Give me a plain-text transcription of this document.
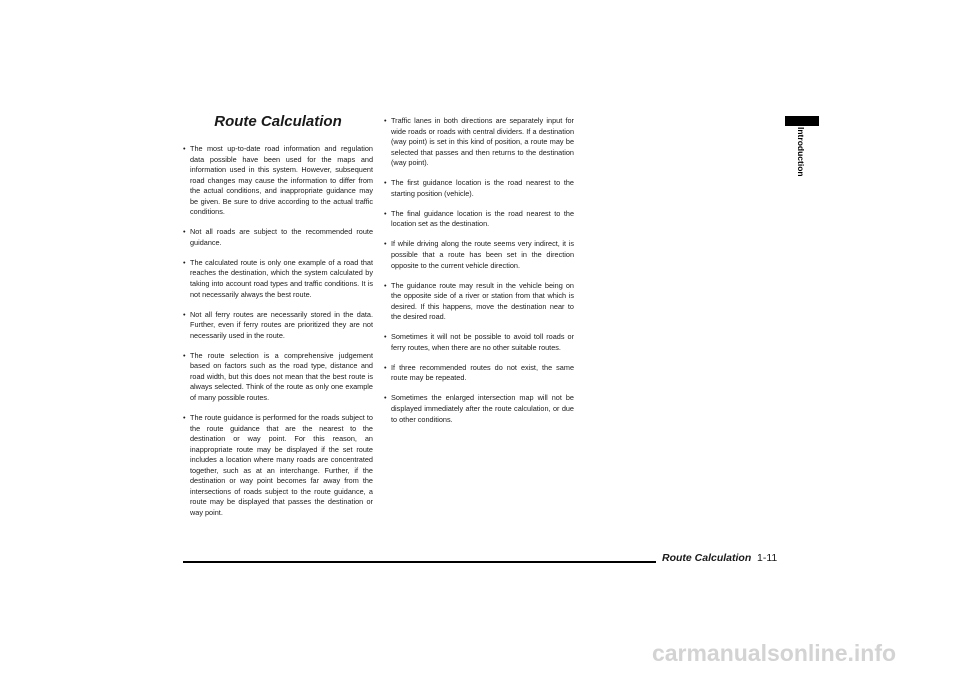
Route Calculation
• The most up-to-date road information and regulation data possible have been used for the maps and information used in this system. However, subsequent road changes may cause the information to differ from the actual conditions, and inappropriate guidance may be given. Be sure to drive according to the actual traffic conditions.
• Not all roads are subject to the recommended route guidance.
• The calculated route is only one example of a road that reaches the destination, which the system calculated by taking into account road types and traffic conditions. It is not necessarily always the best route.
• Not all ferry routes are necessarily stored in the data. Further, even if ferry routes are prioritized they are not necessarily used in the route.
• The route selection is a comprehensive judgement based on factors such as the road type, distance and road width, but this does not mean that the best route is always selected. Think of the route as only one example of many possible routes.
• The route guidance is performed for the roads subject to the route guidance that are the nearest to the destination or way point. For this reason, an inappropriate route may be displayed if the set route includes a location where many roads are concentrated together, such as at an interchange. Further, if the destination or way point becomes far away from the intersections of roads subject to the route guidance, a route may be displayed that passes the destination or way point.
• Traffic lanes in both directions are separately input for wide roads or roads with central dividers. If a destination (way point) is set in this kind of position, a route may be selected that passes and then returns to the destination (way point).
• The first guidance location is the road nearest to the starting position (vehicle).
• The final guidance location is the road nearest to the location set as the destination.
• If while driving along the route seems very indirect, it is possible that a route has been set in the direction opposite to the current vehicle direction.
• The guidance route may result in the vehicle being on the opposite side of a river or station from that which is desired. If this happens, move the destination near to the desired road.
• Sometimes it will not be possible to avoid toll roads or ferry routes, when there are no other suitable routes.
• If three recommended routes do not exist, the same route may be repeated.
• Sometimes the enlarged intersection map will not be displayed immediately after the route calculation, or due to other conditions.
Introduction
Route Calculation 1-11
carmanualsonline.info
